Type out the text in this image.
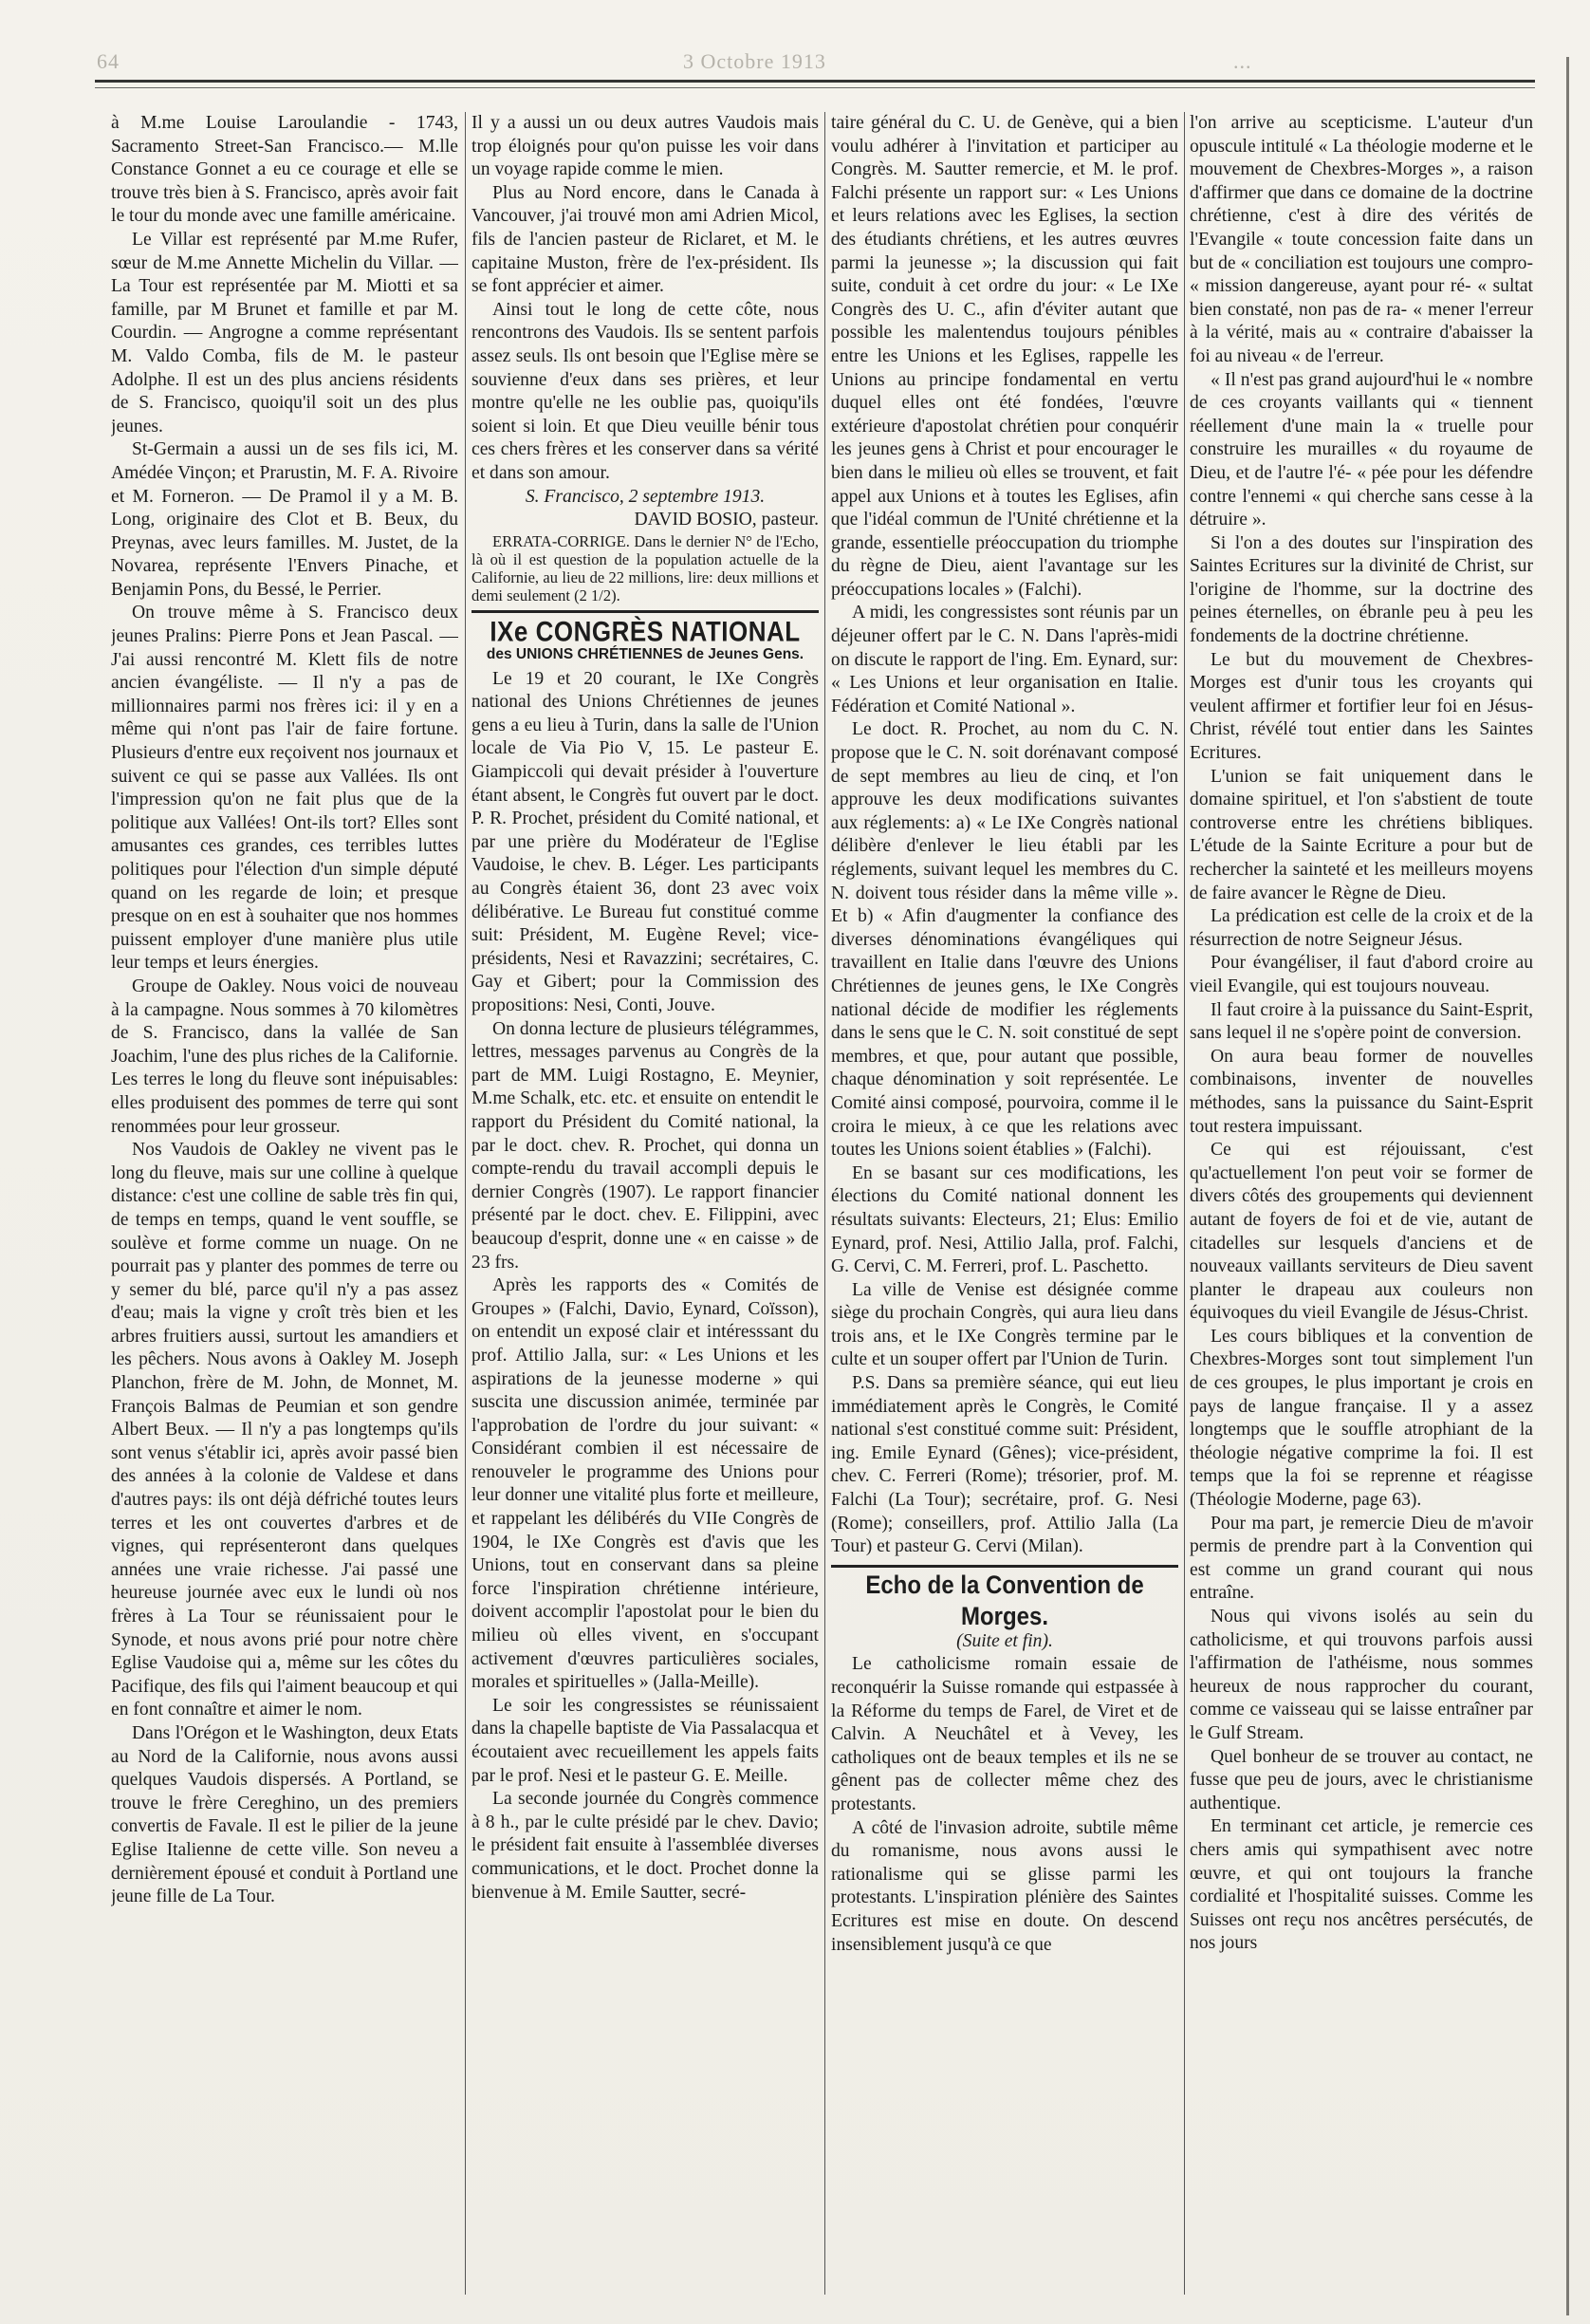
64	3 Octobre 1913	...

à M.me Louise Laroulandie - 1743, Sacramento Street-San Francisco.— M.lle Constance Gonnet a eu ce courage et elle se trouve très bien à S. Francisco, après avoir fait le tour du monde avec une famille américaine.

Le Villar est représenté par M.me Rufer, sœur de M.me Annette Michelin du Villar. — La Tour est représentée par M. Miotti et sa famille, par M Brunet et famille et par M. Courdin. — Angrogne a comme représentant M. Valdo Comba, fils de M. le pasteur Adolphe. Il est un des plus anciens résidents de S. Francisco, quoiqu'il soit un des plus jeunes.

St-Germain a aussi un de ses fils ici, M. Amédée Vinçon; et Prarustin, M. F. A. Rivoire et M. Forneron. — De Pramol il y a M. B. Long, originaire des Clot et B. Beux, du Preynas, avec leurs familles. M. Justet, de la Novarea, représente l'Envers Pinache, et Benjamin Pons, du Bessé, le Perrier.

On trouve même à S. Francisco deux jeunes Pralins: Pierre Pons et Jean Pascal. — J'ai aussi rencontré M. Klett fils de notre ancien évangéliste. — Il n'y a pas de millionnaires parmi nos frères ici: il y en a même qui n'ont pas l'air de faire fortune. Plusieurs d'entre eux reçoivent nos journaux et suivent ce qui se passe aux Vallées. Ils ont l'impression qu'on ne fait plus que de la politique aux Vallées! Ont-ils tort? Elles sont amusantes ces grandes, ces terribles luttes politiques pour l'élection d'un simple député quand on les regarde de loin; et presque presque on en est à souhaiter que nos hommes puissent employer d'une manière plus utile leur temps et leurs énergies.

Groupe de Oakley. Nous voici de nouveau à la campagne. Nous sommes à 70 kilomètres de S. Francisco, dans la vallée de San Joachim, l'une des plus riches de la Californie. Les terres le long du fleuve sont inépuisables: elles produisent des pommes de terre qui sont renommées pour leur grosseur.

Nos Vaudois de Oakley ne vivent pas le long du fleuve, mais sur une colline à quelque distance: c'est une colline de sable très fin qui, de temps en temps, quand le vent souffle, se soulève et forme comme un nuage. On ne pourrait pas y planter des pommes de terre ou y semer du blé, parce qu'il n'y a pas assez d'eau; mais la vigne y croît très bien et les arbres fruitiers aussi, surtout les amandiers et les pêchers. Nous avons à Oakley M. Joseph Planchon, frère de M. John, de Monnet, M. François Balmas de Peumian et son gendre Albert Beux. — Il n'y a pas longtemps qu'ils sont venus s'établir ici, après avoir passé bien des années à la colonie de Valdese et dans d'autres pays: ils ont déjà défriché toutes leurs terres et les ont couvertes d'arbres et de vignes, qui représenteront dans quelques années une vraie richesse. J'ai passé une heureuse journée avec eux le lundi où nos frères à La Tour se réunissaient pour le Synode, et nous avons prié pour notre chère Eglise Vaudoise qui a, même sur les côtes du Pacifique, des fils qui l'aiment beaucoup et qui en font connaître et aimer le nom.

Dans l'Orégon et le Washington, deux Etats au Nord de la Californie, nous avons aussi quelques Vaudois dispersés. A Portland, se trouve le frère Cereghino, un des premiers convertis de Favale. Il est le pilier de la jeune Eglise Italienne de cette ville. Son neveu a dernièrement épousé et conduit à Portland une jeune fille de La Tour.

Il y a aussi un ou deux autres Vaudois mais trop éloignés pour qu'on puisse les voir dans un voyage rapide comme le mien.

Plus au Nord encore, dans le Canada à Vancouver, j'ai trouvé mon ami Adrien Micol, fils de l'ancien pasteur de Riclaret, et M. le capitaine Muston, frère de l'ex-président. Ils se font apprécier et aimer.

Ainsi tout le long de cette côte, nous rencontrons des Vaudois. Ils se sentent parfois assez seuls. Ils ont besoin que l'Eglise mère se souvienne d'eux dans ses prières, et leur montre qu'elle ne les oublie pas, quoiqu'ils soient si loin. Et que Dieu veuille bénir tous ces chers frères et les conserver dans sa vérité et dans son amour.

S. Francisco, 2 septembre 1913.

DAVID BOSIO, pasteur.

ERRATA-CORRIGE. Dans le dernier N° de l'Echo, là où il est question de la population actuelle de la Californie, au lieu de 22 millions, lire: deux millions et demi seulement (2 1/2).

IXe CONGRÈS NATIONAL
des UNIONS CHRÉTIENNES de Jeunes Gens.

Le 19 et 20 courant, le IXe Congrès national des Unions Chrétiennes de jeunes gens a eu lieu à Turin, dans la salle de l'Union locale de Via Pio V, 15. Le pasteur E. Giampiccoli qui devait présider à l'ouverture étant absent, le Congrès fut ouvert par le doct. P. R. Prochet, président du Comité national, et par une prière du Modérateur de l'Eglise Vaudoise, le chev. B. Léger. Les participants au Congrès étaient 36, dont 23 avec voix délibérative. Le Bureau fut constitué comme suit: Président, M. Eugène Revel; vice-présidents, Nesi et Ravazzini; secrétaires, C. Gay et Gibert; pour la Commission des propositions: Nesi, Conti, Jouve.

On donna lecture de plusieurs télégrammes, lettres, messages parvenus au Congrès de la part de MM. Luigi Rostagno, E. Meynier, M.me Schalk, etc. etc. et ensuite on entendit le rapport du Président du Comité national, la par le doct. chev. R. Prochet, qui donna un compte-rendu du travail accompli depuis le dernier Congrès (1907). Le rapport financier présenté par le doct. chev. E. Filippini, avec beaucoup d'esprit, donne une « en caisse » de 23 frs.

Après les rapports des « Comités de Groupes » (Falchi, Davio, Eynard, Coïsson), on entendit un exposé clair et intéresssant du prof. Attilio Jalla, sur: « Les Unions et les aspirations de la jeunesse moderne » qui suscita une discussion animée, terminée par l'approbation de l'ordre du jour suivant: « Considérant combien il est nécessaire de renouveler le programme des Unions pour leur donner une vitalité plus forte et meilleure, et rappelant les délibérés du VIIe Congrès de 1904, le IXe Congrès est d'avis que les Unions, tout en conservant dans sa pleine force l'inspiration chrétienne intérieure, doivent accomplir l'apostolat pour le bien du milieu où elles vivent, en s'occupant activement d'œuvres particulières sociales, morales et spirituelles » (Jalla-Meille).

Le soir les congressistes se réunissaient dans la chapelle baptiste de Via Passalacqua et écoutaient avec recueillement les appels faits par le prof. Nesi et le pasteur G. E. Meille.

La seconde journée du Congrès commence à 8 h., par le culte présidé par le chev. Davio; le président fait ensuite à l'assemblée diverses communications, et le doct. Prochet donne la bienvenue à M. Emile Sautter, secré-

taire général du C. U. de Genève, qui a bien voulu adhérer à l'invitation et participer au Congrès. M. Sautter remercie, et M. le prof. Falchi présente un rapport sur: « Les Unions et leurs relations avec les Eglises, la section des étudiants chrétiens, et les autres œuvres parmi la jeunesse »; la discussion qui fait suite, conduit à cet ordre du jour: « Le IXe Congrès des U. C., afin d'éviter autant que possible les malentendus toujours pénibles entre les Unions et les Eglises, rappelle les Unions au principe fondamental en vertu duquel elles ont été fondées, l'œuvre extérieure d'apostolat chrétien pour conquérir les jeunes gens à Christ et pour encourager le bien dans le milieu où elles se trouvent, et fait appel aux Unions et à toutes les Eglises, afin que l'idéal commun de l'Unité chrétienne et la grande, essentielle préoccupation du triomphe du règne de Dieu, aient l'avantage sur les préoccupations locales » (Falchi).

A midi, les congressistes sont réunis par un déjeuner offert par le C. N. Dans l'après-midi on discute le rapport de l'ing. Em. Eynard, sur: « Les Unions et leur organisation en Italie. Fédération et Comité National ».

Le doct. R. Prochet, au nom du C. N. propose que le C. N. soit dorénavant composé de sept membres au lieu de cinq, et l'on approuve les deux modifications suivantes aux réglements: a) « Le IXe Congrès national délibère d'enlever le lieu établi par les réglements, suivant lequel les membres du C. N. doivent tous résider dans la même ville ». Et b) « Afin d'augmenter la confiance des diverses dénominations évangéliques qui travaillent en Italie dans l'œuvre des Unions Chrétiennes de jeunes gens, le IXe Congrès national décide de modifier les réglements dans le sens que le C. N. soit constitué de sept membres, et que, pour autant que possible, chaque dénomination y soit représentée. Le Comité ainsi composé, pourvoira, comme il le croira le mieux, à ce que les relations avec toutes les Unions soient établies » (Falchi).

En se basant sur ces modifications, les élections du Comité national donnent les résultats suivants: Electeurs, 21; Elus: Emilio Eynard, prof. Nesi, Attilio Jalla, prof. Falchi, G. Cervi, C. M. Ferreri, prof. L. Paschetto.

La ville de Venise est désignée comme siège du prochain Congrès, qui aura lieu dans trois ans, et le IXe Congrès termine par le culte et un souper offert par l'Union de Turin.

P.S. Dans sa première séance, qui eut lieu immédiatement après le Congrès, le Comité national s'est constitué comme suit: Président, ing. Emile Eynard (Gênes); vice-président, chev. C. Ferreri (Rome); trésorier, prof. M. Falchi (La Tour); secrétaire, prof. G. Nesi (Rome); conseillers, prof. Attilio Jalla (La Tour) et pasteur G. Cervi (Milan).

Echo de la Convention de Morges.

(Suite et fin).

Le catholicisme romain essaie de reconquérir la Suisse romande qui estpassée à la Réforme du temps de Farel, de Viret et de Calvin. A Neuchâtel et à Vevey, les catholiques ont de beaux temples et ils ne se gênent pas de collecter même chez des protestants.

A côté de l'invasion adroite, subtile même du romanisme, nous avons aussi le rationalisme qui se glisse parmi les protestants. L'inspiration plénière des Saintes Ecritures est mise en doute. On descend insensiblement jusqu'à ce que

l'on arrive au scepticisme. L'auteur d'un opuscule intitulé « La théologie moderne et le mouvement de Chexbres-Morges », a raison d'affirmer que dans ce domaine de la doctrine chrétienne, c'est à dire des vérités de l'Evangile « toute concession faite dans un but de « conciliation est toujours une compro- « mission dangereuse, ayant pour ré- « sultat bien constaté, non pas de ra- « mener l'erreur à la vérité, mais au « contraire d'abaisser la foi au niveau « de l'erreur.

« Il n'est pas grand aujourd'hui le « nombre de ces croyants vaillants qui « tiennent réellement d'une main la « truelle pour construire les murailles « du royaume de Dieu, et de l'autre l'é- « pée pour les défendre contre l'ennemi « qui cherche sans cesse à la détruire ».

Si l'on a des doutes sur l'inspiration des Saintes Ecritures sur la divinité de Christ, sur l'origine de l'homme, sur la doctrine des peines éternelles, on ébranle peu à peu les fondements de la doctrine chrétienne.

Le but du mouvement de Chexbres-Morges est d'unir tous les croyants qui veulent affirmer et fortifier leur foi en Jésus-Christ, révélé tout entier dans les Saintes Ecritures.

L'union se fait uniquement dans le domaine spirituel, et l'on s'abstient de toute controverse entre les chrétiens bibliques. L'étude de la Sainte Ecriture a pour but de rechercher la sainteté et les meilleurs moyens de faire avancer le Règne de Dieu.

La prédication est celle de la croix et de la résurrection de notre Seigneur Jésus.

Pour évangéliser, il faut d'abord croire au vieil Evangile, qui est toujours nouveau.

Il faut croire à la puissance du Saint-Esprit, sans lequel il ne s'opère point de conversion.

On aura beau former de nouvelles combinaisons, inventer de nouvelles méthodes, sans la puissance du Saint-Esprit tout restera impuissant.

Ce qui est réjouissant, c'est qu'actuellement l'on peut voir se former de divers côtés des groupements qui deviennent autant de foyers de foi et de vie, autant de citadelles sur lesquels d'anciens et de nouveaux vaillants serviteurs de Dieu savent planter le drapeau aux couleurs non équivoques du vieil Evangile de Jésus-Christ.

Les cours bibliques et la convention de Chexbres-Morges sont tout simplement l'un de ces groupes, le plus important je crois en pays de langue française. Il y a assez longtemps que le souffle atrophiant de la théologie négative comprime la foi. Il est temps que la foi se reprenne et réagisse (Théologie Moderne, page 63).

Pour ma part, je remercie Dieu de m'avoir permis de prendre part à la Convention qui est comme un grand courant qui nous entraîne.

Nous qui vivons isolés au sein du catholicisme, et qui trouvons parfois aussi l'affirmation de l'athéisme, nous sommes heureux de nous rapprocher du courant, comme ce vaisseau qui se laisse entraîner par le Gulf Stream.

Quel bonheur de se trouver au contact, ne fusse que peu de jours, avec le christianisme authentique.

En terminant cet article, je remercie ces chers amis qui sympathisent avec notre œuvre, et qui ont toujours la franche cordialité et l'hospitalité suisses. Comme les Suisses ont reçu nos ancêtres persécutés, de nos jours
